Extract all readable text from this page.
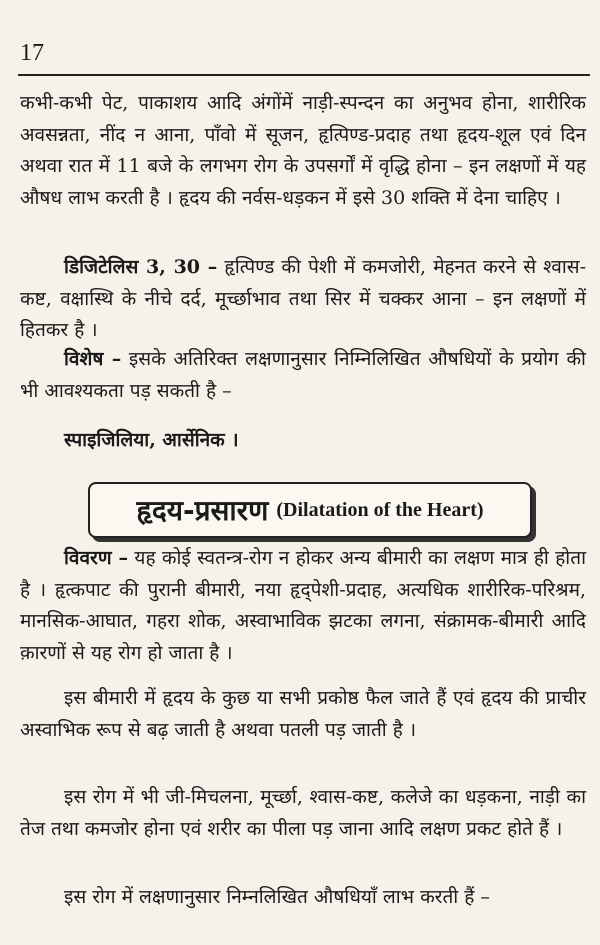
17

कभी-कभी पेट, पाकाशय आदि अंगोंमें नाड़ी-स्पन्दन का अनुभव होना, शारीरिक अवसन्नता, नींद न आना, पाँवो में सूजन, हृत्पिण्ड-प्रदाह तथा हृदय-शूल एवं दिन अथवा रात में 11 बजे के लगभग रोग के उपसर्गों में वृद्धि होना – इन लक्षणों में यह औषध लाभ करती है । हृदय की नर्वस-धड़कन में इसे 30 शक्ति में देना चाहिए ।

डिजिटेलिस 3, 30 – हृत्पिण्ड की पेशी में कमजोरी, मेहनत करने से श्वास-कष्ट, वक्षास्थि के नीचे दर्द, मूर्च्छाभाव तथा सिर में चक्कर आना – इन लक्षणों में हितकर है ।

विशेष – इसके अतिरिक्त लक्षणानुसार निम्निलिखित औषधियों के प्रयोग की भी आवश्यकता पड़ सकती है –

स्पाइजिलिया, आर्सेनिक ।

हृदय-प्रसारण (Dilatation of the Heart)

विवरण – यह कोई स्वतन्त्र-रोग न होकर अन्य बीमारी का लक्षण मात्र ही होता है । हृत्कपाट की पुरानी बीमारी, नया हृद्पेशी-प्रदाह, अत्यधिक शारीरिक-परिश्रम, मानसिक-आघात, गहरा शोक, अस्वाभाविक झटका लगना, संक्रामक-बीमारी आदि क़ारणों से यह रोग हो जाता है ।

इस बीमारी में हृदय के कुछ या सभी प्रकोष्ठ फैल जाते हैं एवं हृदय की प्राचीर अस्वाभिक रूप से बढ़ जाती है अथवा पतली पड़ जाती है ।

इस रोग में भी जी-मिचलना, मूर्च्छा, श्वास-कष्ट, कलेजे का धड़कना, नाड़ी का तेज तथा कमजोर होना एवं शरीर का पीला पड़ जाना आदि लक्षण प्रकट होते हैं ।

इस रोग में लक्षणानुसार निम्नलिखित औषधियाँ लाभ करती हैं –
